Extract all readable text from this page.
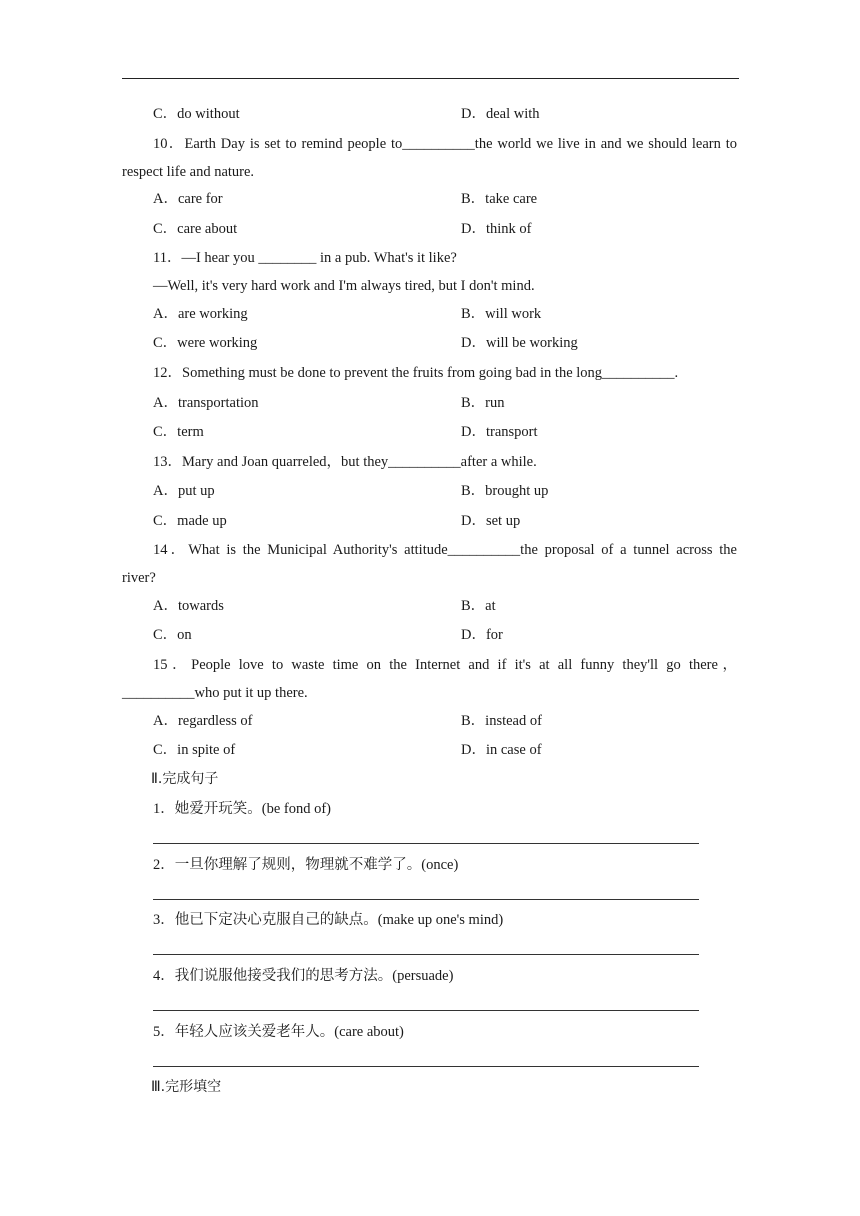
C．do without	D．deal with
10．Earth Day is set to remind people to__________the world we live in and we should learn to
respect life and nature.
A．care for	B．take care
C．care about	D．think of
11．—I hear you ________ in a pub. What's it like?
—Well, it's very hard work and I'm always tired, but I don't mind.
A．are working	B．will work
C．were working	D．will be working
12．Something must be done to prevent the fruits from going bad in the long__________.
A．transportation	B．run
C．term	D．transport
13．Mary and Joan quarreled，but they__________after a while.
A．put up	B．brought up
C．made up	D．set up
14．What is the Municipal Authority's attitude__________the proposal of a tunnel across the
river?
A．towards	B．at
C．on	D．for
15．People love to waste time on the Internet and if it's at all funny they'll go there，
__________who put it up there.
A．regardless of	B．instead of
C．in spite of	D．in case of
Ⅱ.完成句子
1．她爱开玩笑。(be fond of)
2．一旦你理解了规则，物理就不难学了。(once)
3．他已下定决心克服自己的缺点。(make up one's mind)
4．我们说服他接受我们的思考方法。(persuade)
5．年轻人应该关爱老年人。(care about)
Ⅲ.完形填空
